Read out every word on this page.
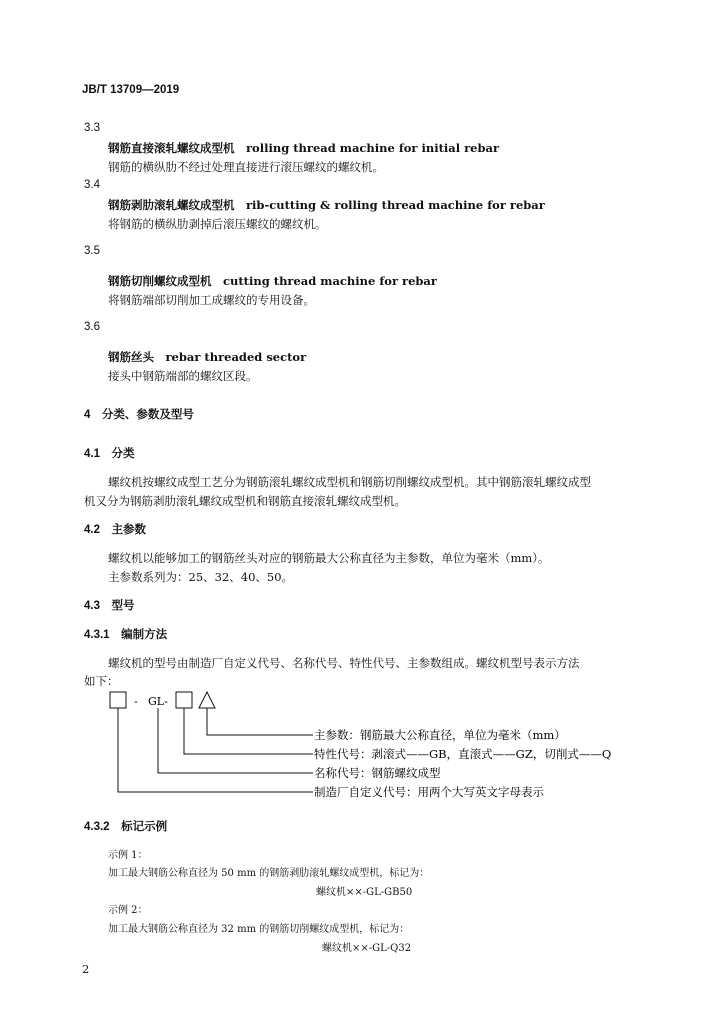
JB/T 13709—2019
3.3
钢筋直接滚轧螺纹成型机　rolling thread machine for initial rebar
钢筋的横纵肋不经过处理直接进行滚压螺纹的螺纹机。
3.4
钢筋剥肋滚轧螺纹成型机　rib-cutting & rolling thread machine for rebar
将钢筋的横纵肋剥掉后滚压螺纹的螺纹机。
3.5
钢筋切削螺纹成型机　cutting thread machine for rebar
将钢筋端部切削加工成螺纹的专用设备。
3.6
钢筋丝头　rebar threaded sector
接头中钢筋端部的螺纹区段。
4　分类、参数及型号
4.1　分类
螺纹机按螺纹成型工艺分为钢筋滚轧螺纹成型机和钢筋切削螺纹成型机。其中钢筋滚轧螺纹成型
机又分为钢筋剥肋滚轧螺纹成型机和钢筋直接滚轧螺纹成型机。
4.2　主参数
螺纹机以能够加工的钢筋丝头对应的钢筋最大公称直径为主参数，单位为毫米（mm）。
主参数系列为：25、32、40、50。
4.3　型号
4.3.1　编制方法
螺纹机的型号由制造厂自定义代号、名称代号、特性代号、主参数组成。螺纹机型号表示方法
如下：
- GL-
主参数：钢筋最大公称直径，单位为毫米（mm）
特性代号：剥滚式——GB，直滚式——GZ，切削式——Q
名称代号：钢筋螺纹成型
制造厂自定义代号：用两个大写英文字母表示
4.3.2　标记示例
示例 1：
加工最大钢筋公称直径为 50 mm 的钢筋剥肋滚轧螺纹成型机，标记为：
螺纹机××-GL-GB50
示例 2：
加工最大钢筋公称直径为 32 mm 的钢筋切削螺纹成型机，标记为：
螺纹机××-GL-Q32
2
